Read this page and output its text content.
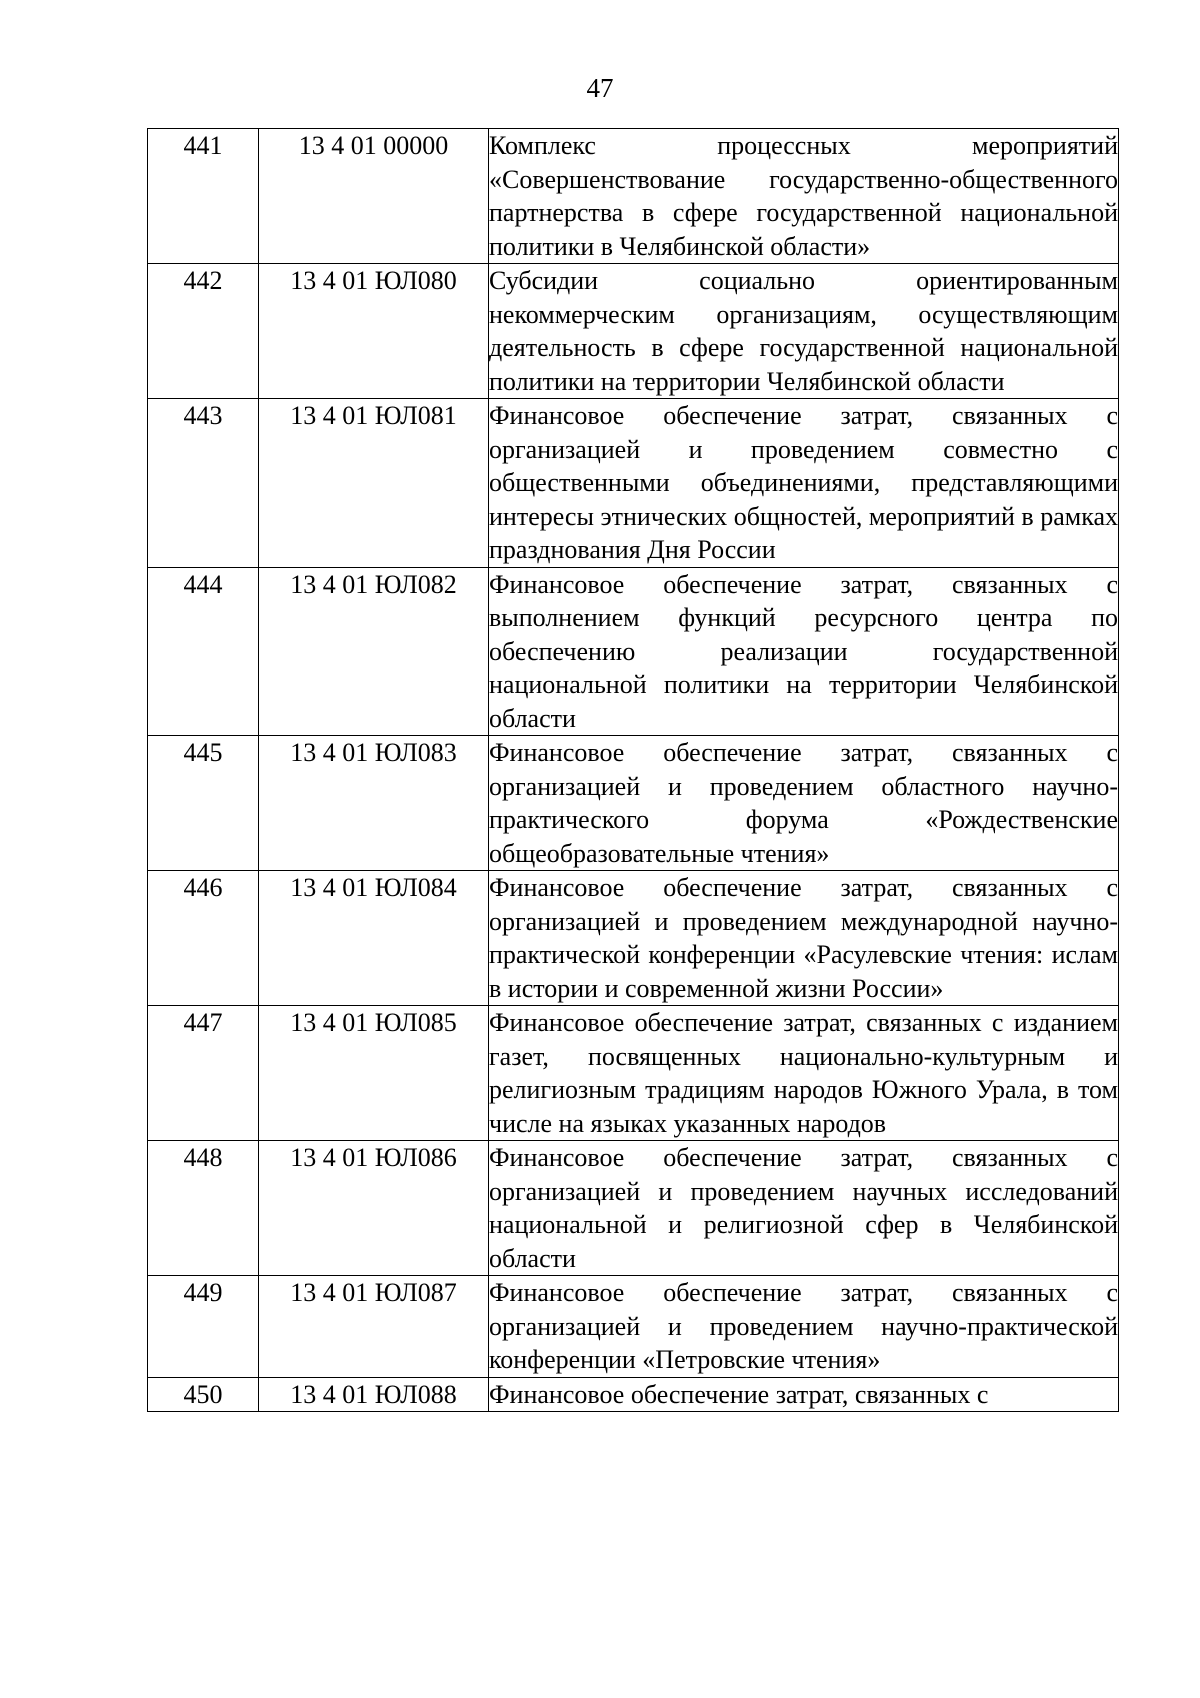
47
441	13 4 01 00000	Комплекс процессных мероприятий «Совершенствование государственно-общественного партнерства в сфере государственной национальной политики в Челябинской области»
442	13 4 01 ЮЛ080	Субсидии социально ориентированным некоммерческим организациям, осуществляющим деятельность в сфере государственной национальной политики на территории Челябинской области
443	13 4 01 ЮЛ081	Финансовое обеспечение затрат, связанных с организацией и проведением совместно с общественными объединениями, представляющими интересы этнических общностей, мероприятий в рамках празднования Дня России
444	13 4 01 ЮЛ082	Финансовое обеспечение затрат, связанных с выполнением функций ресурсного центра по обеспечению реализации государственной национальной политики на территории Челябинской области
445	13 4 01 ЮЛ083	Финансовое обеспечение затрат, связанных с организацией и проведением областного научно-практического форума «Рождественские общеобразовательные чтения»
446	13 4 01 ЮЛ084	Финансовое обеспечение затрат, связанных с организацией и проведением международной научно- практической конференции «Расулевские чтения: ислам в истории и современной жизни России»
447	13 4 01 ЮЛ085	Финансовое обеспечение затрат, связанных с изданием газет, посвященных национально-культурным и религиозным традициям народов Южного Урала, в том числе на языках указанных народов
448	13 4 01 ЮЛ086	Финансовое обеспечение затрат, связанных с организацией и проведением научных исследований национальной и религиозной сфер в Челябинской области
449	13 4 01 ЮЛ087	Финансовое обеспечение затрат, связанных с организацией и проведением научно-практической конференции «Петровские чтения»
450	13 4 01 ЮЛ088	Финансовое обеспечение затрат, связанных с
